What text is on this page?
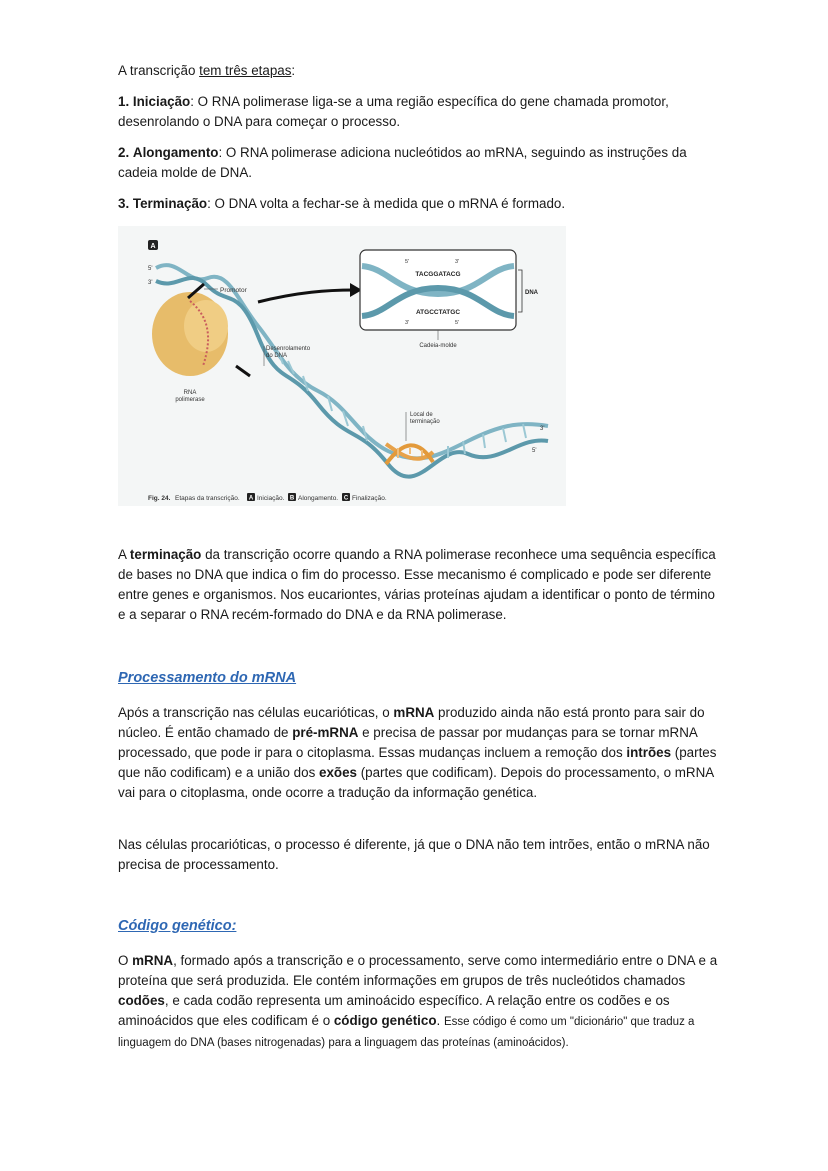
A transcrição tem três etapas:

1. Iniciação: O RNA polimerase liga-se a uma região específica do gene chamada promotor, desenrolando o DNA para começar o processo.

2. Alongamento: O RNA polimerase adiciona nucleótidos ao mRNA, seguindo as instruções da cadeia molde de DNA.

3. Terminação: O DNA volta a fechar-se à medida que o mRNA é formado.

A
5'
3'
Promotor
RNA
polimerase
Desenrolamento
do DNA
Local de
terminação
3'
5'
5'	3'
TACGGATACG
ATGCCTATGC
3'	5'
DNA
Cadeia-molde
Fig. 24. Etapas da transcrição. A Iniciação. B Alongamento. C Finalização.

A terminação da transcrição ocorre quando a RNA polimerase reconhece uma sequência específica de bases no DNA que indica o fim do processo. Esse mecanismo é complicado e pode ser diferente entre genes e organismos. Nos eucariontes, várias proteínas ajudam a identificar o ponto de término e a separar o RNA recém-formado do DNA e da RNA polimerase.

Processamento do mRNA

Após a transcrição nas células eucarióticas, o mRNA produzido ainda não está pronto para sair do núcleo. É então chamado de pré-mRNA e precisa de passar por mudanças para se tornar mRNA processado, que pode ir para o citoplasma. Essas mudanças incluem a remoção dos intrões (partes que não codificam) e a união dos exões (partes que codificam). Depois do processamento, o mRNA vai para o citoplasma, onde ocorre a tradução da informação genética.

Nas células procarióticas, o processo é diferente, já que o DNA não tem intrões, então o mRNA não precisa de processamento.

Código genético:

O mRNA, formado após a transcrição e o processamento, serve como intermediário entre o DNA e a proteína que será produzida. Ele contém informações em grupos de três nucleótidos chamados codões, e cada codão representa um aminoácido específico. A relação entre os codões e os aminoácidos que eles codificam é o código genético. Esse código é como um "dicionário" que traduz a linguagem do DNA (bases nitrogenadas) para a linguagem das proteínas (aminoácidos).
